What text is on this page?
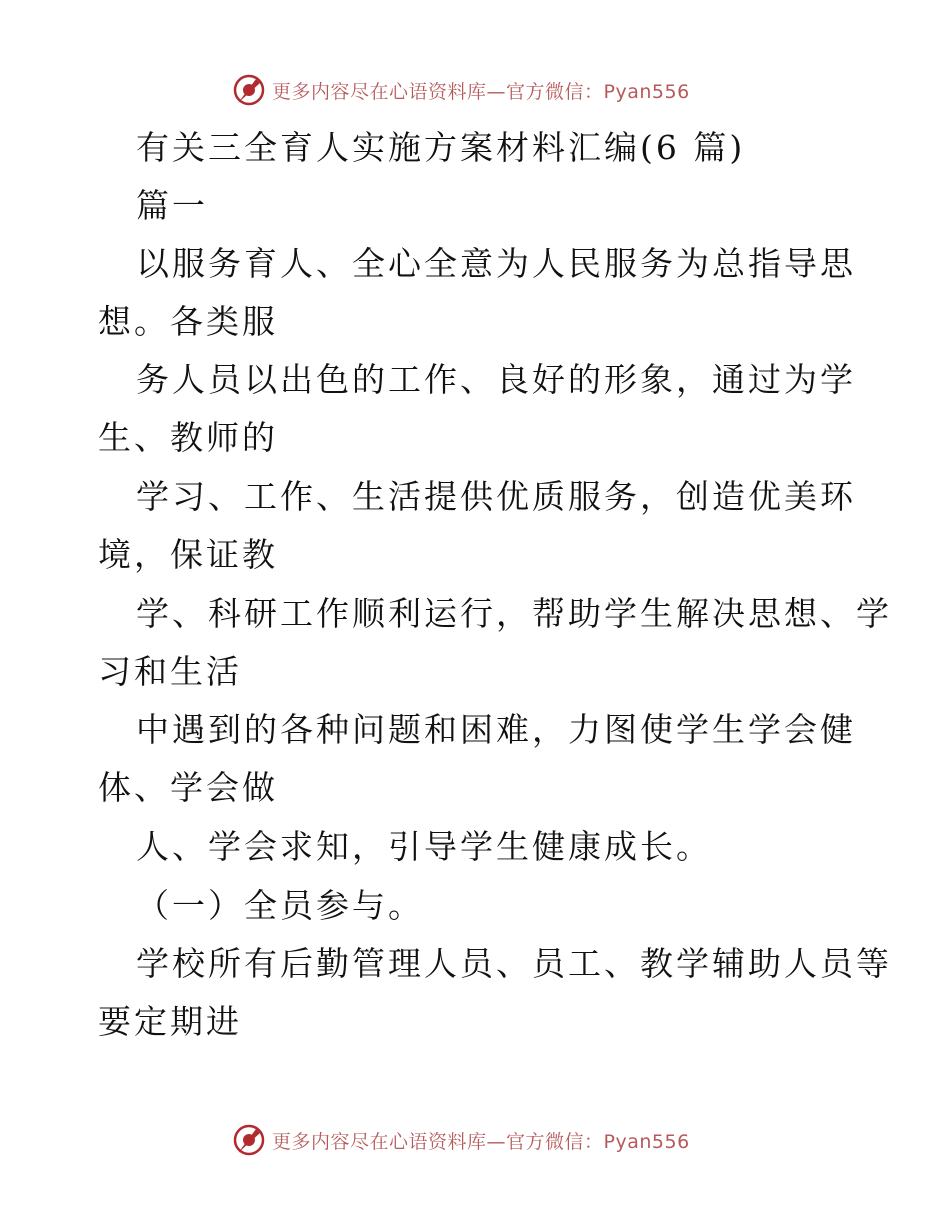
更多内容尽在心语资料库—官方微信：Pyan556
有关三全育人实施方案材料汇编(6 篇)
篇一
以服务育人、全心全意为人民服务为总指导思
想。各类服
务人员以出色的工作、良好的形象，通过为学
生、教师的
学习、工作、生活提供优质服务，创造优美环
境，保证教
学、科研工作顺利运行，帮助学生解决思想、学
习和生活
中遇到的各种问题和困难，力图使学生学会健
体、学会做
人、学会求知，引导学生健康成长。
（一）全员参与。
学校所有后勤管理人员、员工、教学辅助人员等
要定期进
更多内容尽在心语资料库—官方微信：Pyan556
